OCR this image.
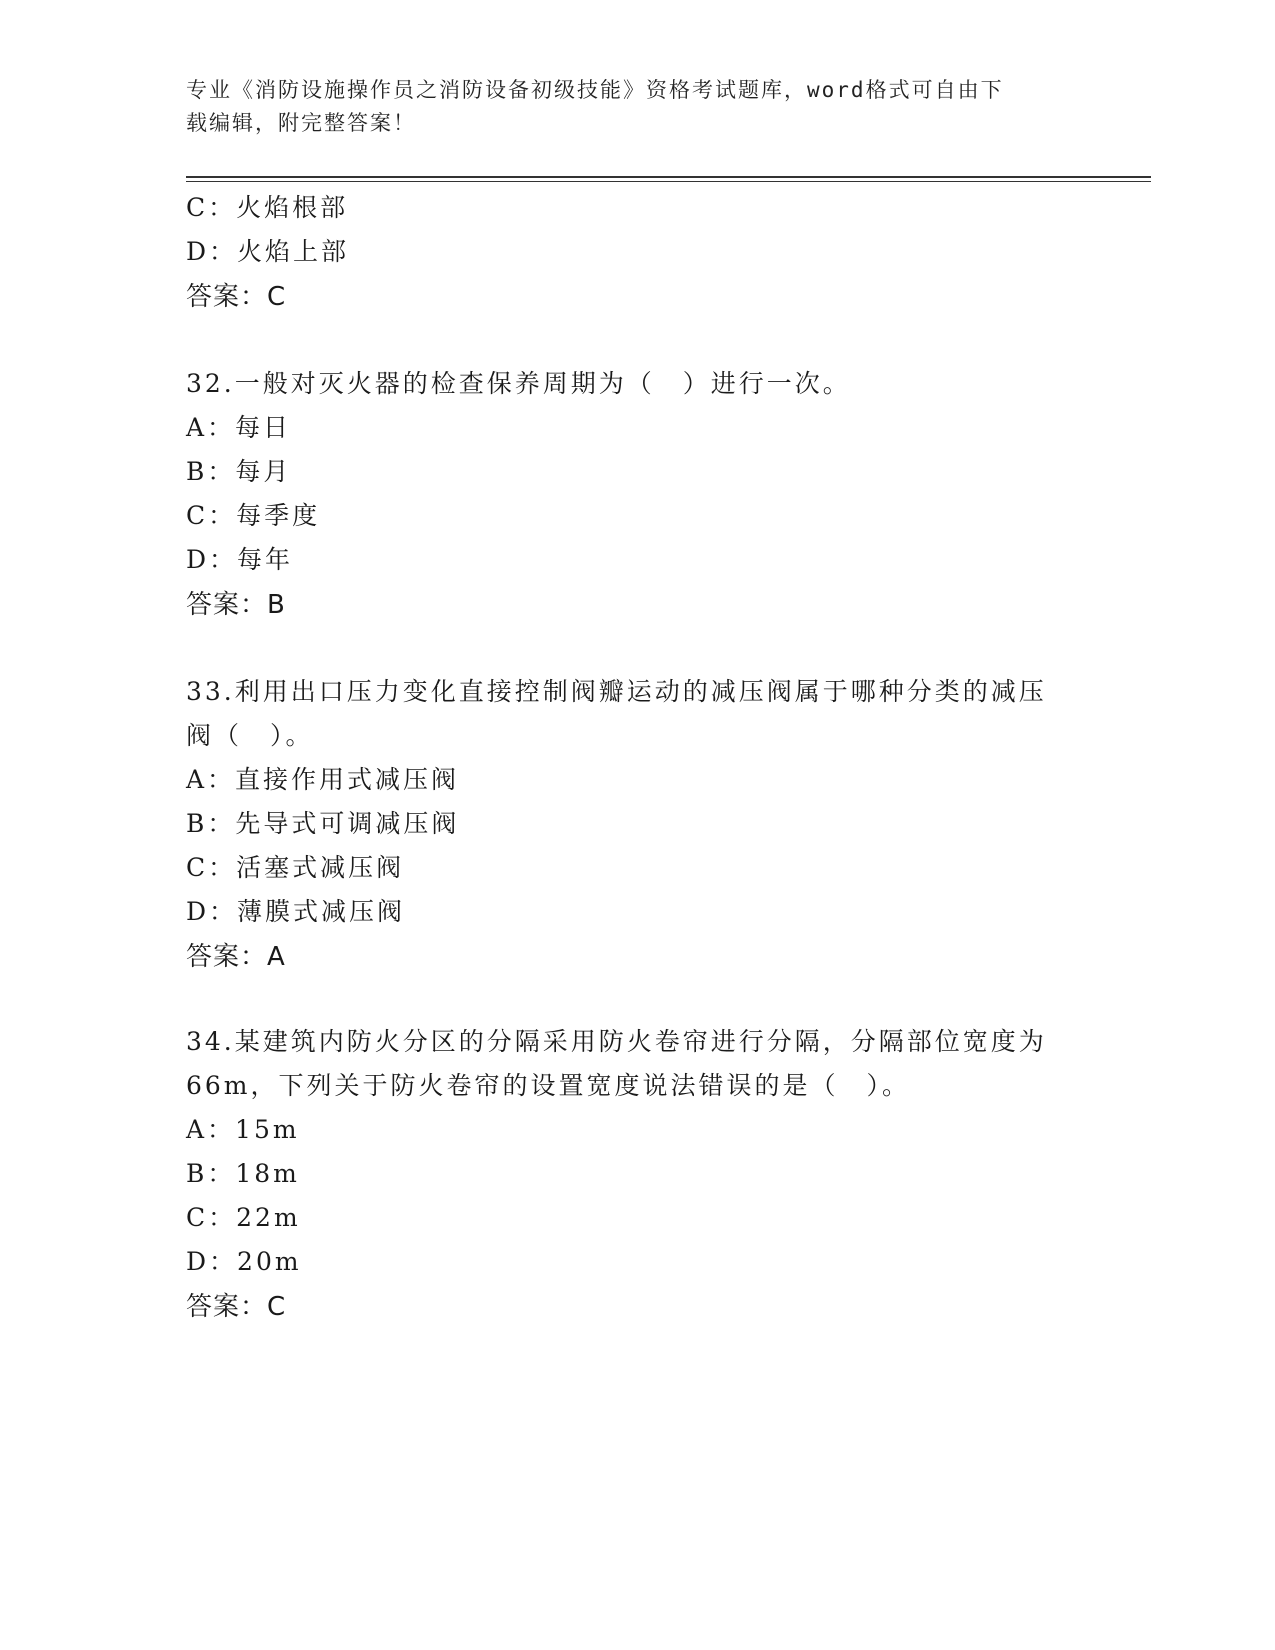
专业《消防设施操作员之消防设备初级技能》资格考试题库，word格式可自由下
载编辑，附完整答案！
C：火焰根部
D：火焰上部
答案：C
32.一般对灭火器的检查保养周期为（　）进行一次。
A：每日
B：每月
C：每季度
D：每年
答案：B
33.利用出口压力变化直接控制阀瓣运动的减压阀属于哪种分类的减压
阀（　）。
A：直接作用式减压阀
B：先导式可调减压阀
C：活塞式减压阀
D：薄膜式减压阀
答案：A
34.某建筑内防火分区的分隔采用防火卷帘进行分隔，分隔部位宽度为
66m，下列关于防火卷帘的设置宽度说法错误的是（　）。
A：15m
B：18m
C：22m
D：20m
答案：C
